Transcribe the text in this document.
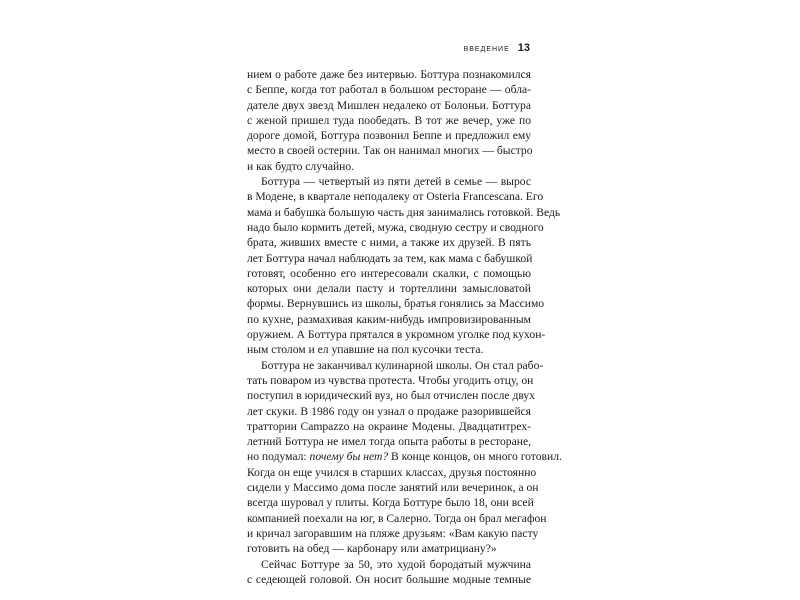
ВВЕДЕНИЕ 13
нием о работе даже без интервью. Боттура познакомился
с Беппе, когда тот работал в большом ресторане — обла-
дателе двух звезд Мишлен недалеко от Болоньи. Боттура
с женой пришел туда пообедать. В тот же вечер, уже по
дороге домой, Боттура позвонил Беппе и предложил ему
место в своей остерии. Так он нанимал многих — быстро
и как будто случайно.
Боттура — четвертый из пяти детей в семье — вырос
в Модене, в квартале неподалеку от Osteria Francescana. Его
мама и бабушка большую часть дня занимались готовкой. Ведь
надо было кормить детей, мужа, сводную сестру и сводного
брата, живших вместе с ними, а также их друзей. В пять
лет Боттура начал наблюдать за тем, как мама с бабушкой
готовят, особенно его интересовали скалки, с помощью
которых они делали пасту и тортеллини замысловатой
формы. Вернувшись из школы, братья гонялись за Массимо
по кухне, размахивая каким-нибудь импровизированным
оружием. А Боттура прятался в укромном уголке под кухон-
ным столом и ел упавшие на пол кусочки теста.
Боттура не заканчивал кулинарной школы. Он стал рабо-
тать поваром из чувства протеста. Чтобы угодить отцу, он
поступил в юридический вуз, но был отчислен после двух
лет скуки. В 1986 году он узнал о продаже разорившейся
траттории Campazzo на окраине Модены. Двадцатитрех-
летний Боттура не имел тогда опыта работы в ресторане,
но подумал: почему бы нет? В конце концов, он много готовил.
Когда он еще учился в старших классах, друзья постоянно
сидели у Массимо дома после занятий или вечеринок, а он
всегда шуровал у плиты. Когда Боттуре было 18, они всей
компанией поехали на юг, в Салерно. Тогда он брал мегафон
и кричал загоравшим на пляже друзьям: «Вам какую пасту
готовить на обед — карбонару или аматрициану?»
Сейчас Боттуре за 50, это худой бородатый мужчина
с седеющей головой. Он носит большие модные темные
